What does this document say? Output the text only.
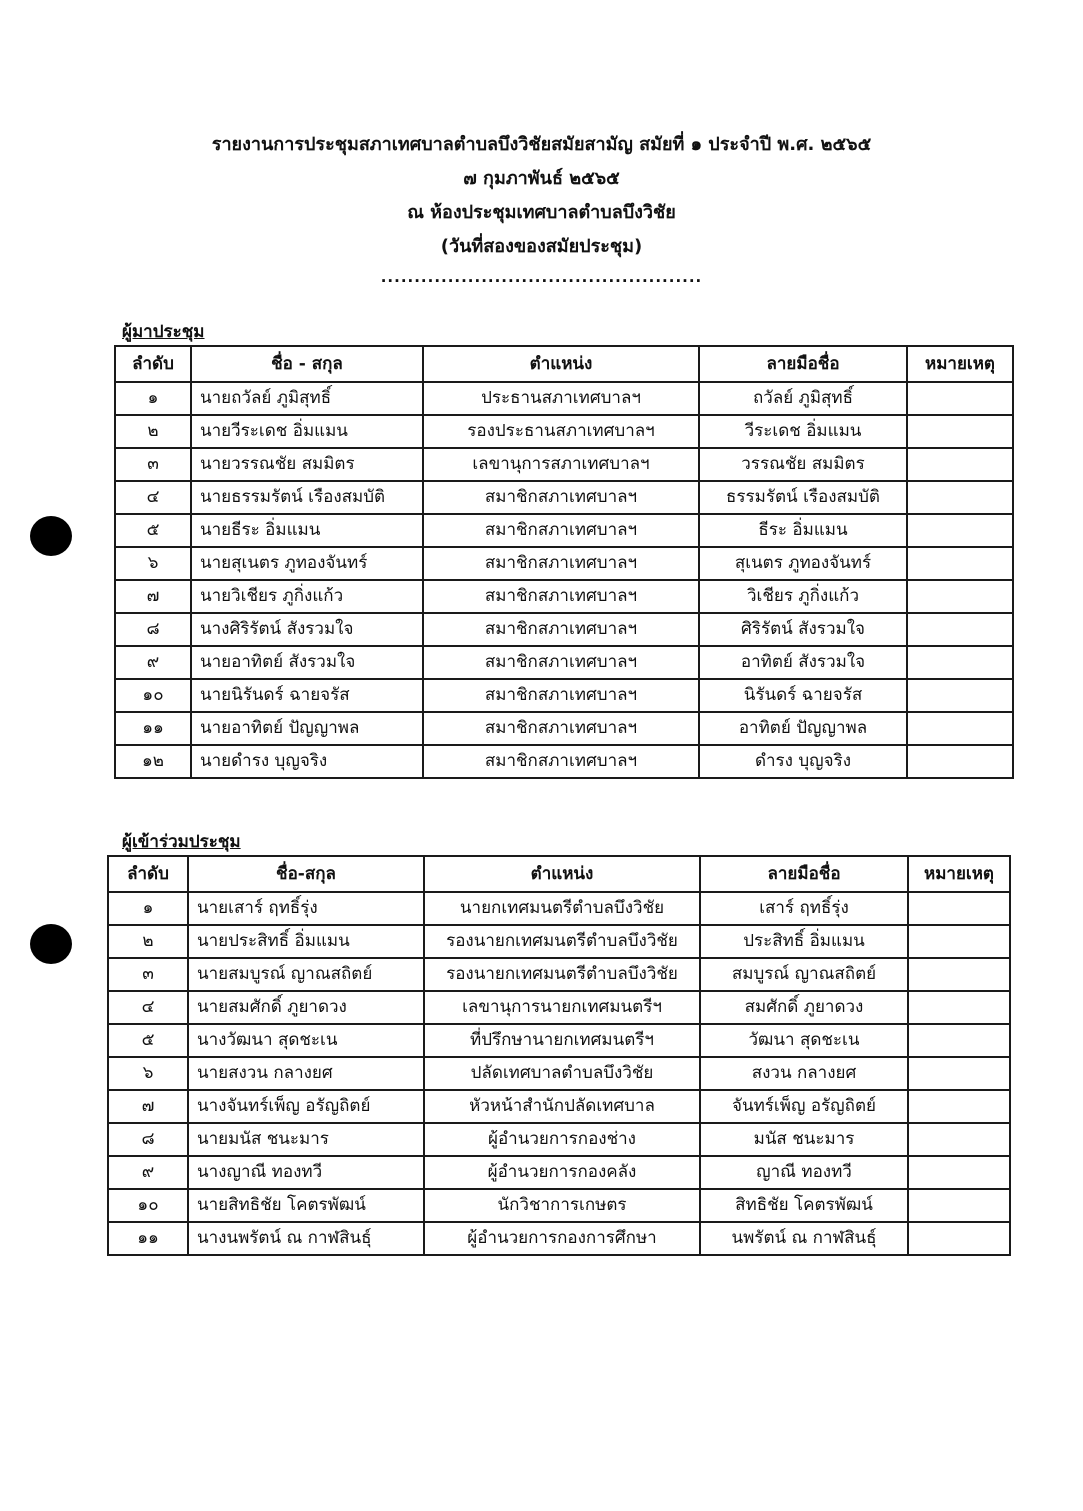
รายงานการประชุมสภาเทศบาลตำบลบึงวิชัยสมัยสามัญ สมัยที่ ๑ ประจำปี พ.ศ. ๒๕๖๕
๗ กุมภาพันธ์ ๒๕๖๕
ณ ห้องประชุมเทศบาลตำบลบึงวิชัย
(วันที่สองของสมัยประชุม)
................................................
ผู้มาประชุม
ลำดับ	ชื่อ - สกุล	ตำแหน่ง	ลายมือชื่อ	หมายเหตุ
๑	นายถวัลย์ ภูมิสุทธิ์	ประธานสภาเทศบาลฯ	ถวัลย์ ภูมิสุทธิ์	
๒	นายวีระเดช อิ่มแมน	รองประธานสภาเทศบาลฯ	วีระเดช อิ่มแมน	
๓	นายวรรณชัย สมมิตร	เลขานุการสภาเทศบาลฯ	วรรณชัย สมมิตร	
๔	นายธรรมรัตน์ เรืองสมบัติ	สมาชิกสภาเทศบาลฯ	ธรรมรัตน์ เรืองสมบัติ	
๕	นายธีระ อิ่มแมน	สมาชิกสภาเทศบาลฯ	ธีระ อิ่มแมน	
๖	นายสุเนตร ภูทองจันทร์	สมาชิกสภาเทศบาลฯ	สุเนตร ภูทองจันทร์	
๗	นายวิเชียร ภูกิ่งแก้ว	สมาชิกสภาเทศบาลฯ	วิเชียร ภูกิ่งแก้ว	
๘	นางศิริรัตน์ สังรวมใจ	สมาชิกสภาเทศบาลฯ	ศิริรัตน์ สังรวมใจ	
๙	นายอาทิตย์ สังรวมใจ	สมาชิกสภาเทศบาลฯ	อาทิตย์ สังรวมใจ	
๑๐	นายนิรันดร์ ฉายจรัส	สมาชิกสภาเทศบาลฯ	นิรันดร์ ฉายจรัส	
๑๑	นายอาทิตย์ ปัญญาพล	สมาชิกสภาเทศบาลฯ	อาทิตย์ ปัญญาพล	
๑๒	นายดำรง บุญจริง	สมาชิกสภาเทศบาลฯ	ดำรง บุญจริง	
ผู้เข้าร่วมประชุม
ลำดับ	ชื่อ-สกุล	ตำแหน่ง	ลายมือชื่อ	หมายเหตุ
๑	นายเสาร์ ฤทธิ์รุ่ง	นายกเทศมนตรีตำบลบึงวิชัย	เสาร์ ฤทธิ์รุ่ง	
๒	นายประสิทธิ์ อิ่มแมน	รองนายกเทศมนตรีตำบลบึงวิชัย	ประสิทธิ์ อิ่มแมน	
๓	นายสมบูรณ์ ญาณสถิตย์	รองนายกเทศมนตรีตำบลบึงวิชัย	สมบูรณ์ ญาณสถิตย์	
๔	นายสมศักดิ์ ภูยาดวง	เลขานุการนายกเทศมนตรีฯ	สมศักดิ์ ภูยาดวง	
๕	นางวัฒนา สุดชะเน	ที่ปรึกษานายกเทศมนตรีฯ	วัฒนา สุดชะเน	
๖	นายสงวน กลางยศ	ปลัดเทศบาลตำบลบึงวิชัย	สงวน กลางยศ	
๗	นางจันทร์เพ็ญ อรัญถิตย์	หัวหน้าสำนักปลัดเทศบาล	จันทร์เพ็ญ อรัญถิตย์	
๘	นายมนัส ชนะมาร	ผู้อำนวยการกองช่าง	มนัส ชนะมาร	
๙	นางญาณี ทองทวี	ผู้อำนวยการกองคลัง	ญาณี ทองทวี	
๑๐	นายสิทธิชัย โคตรพัฒน์	นักวิชาการเกษตร	สิทธิชัย โคตรพัฒน์	
๑๑	นางนพรัตน์ ณ กาฬสินธุ์	ผู้อำนวยการกองการศึกษา	นพรัตน์ ณ กาฬสินธุ์	
